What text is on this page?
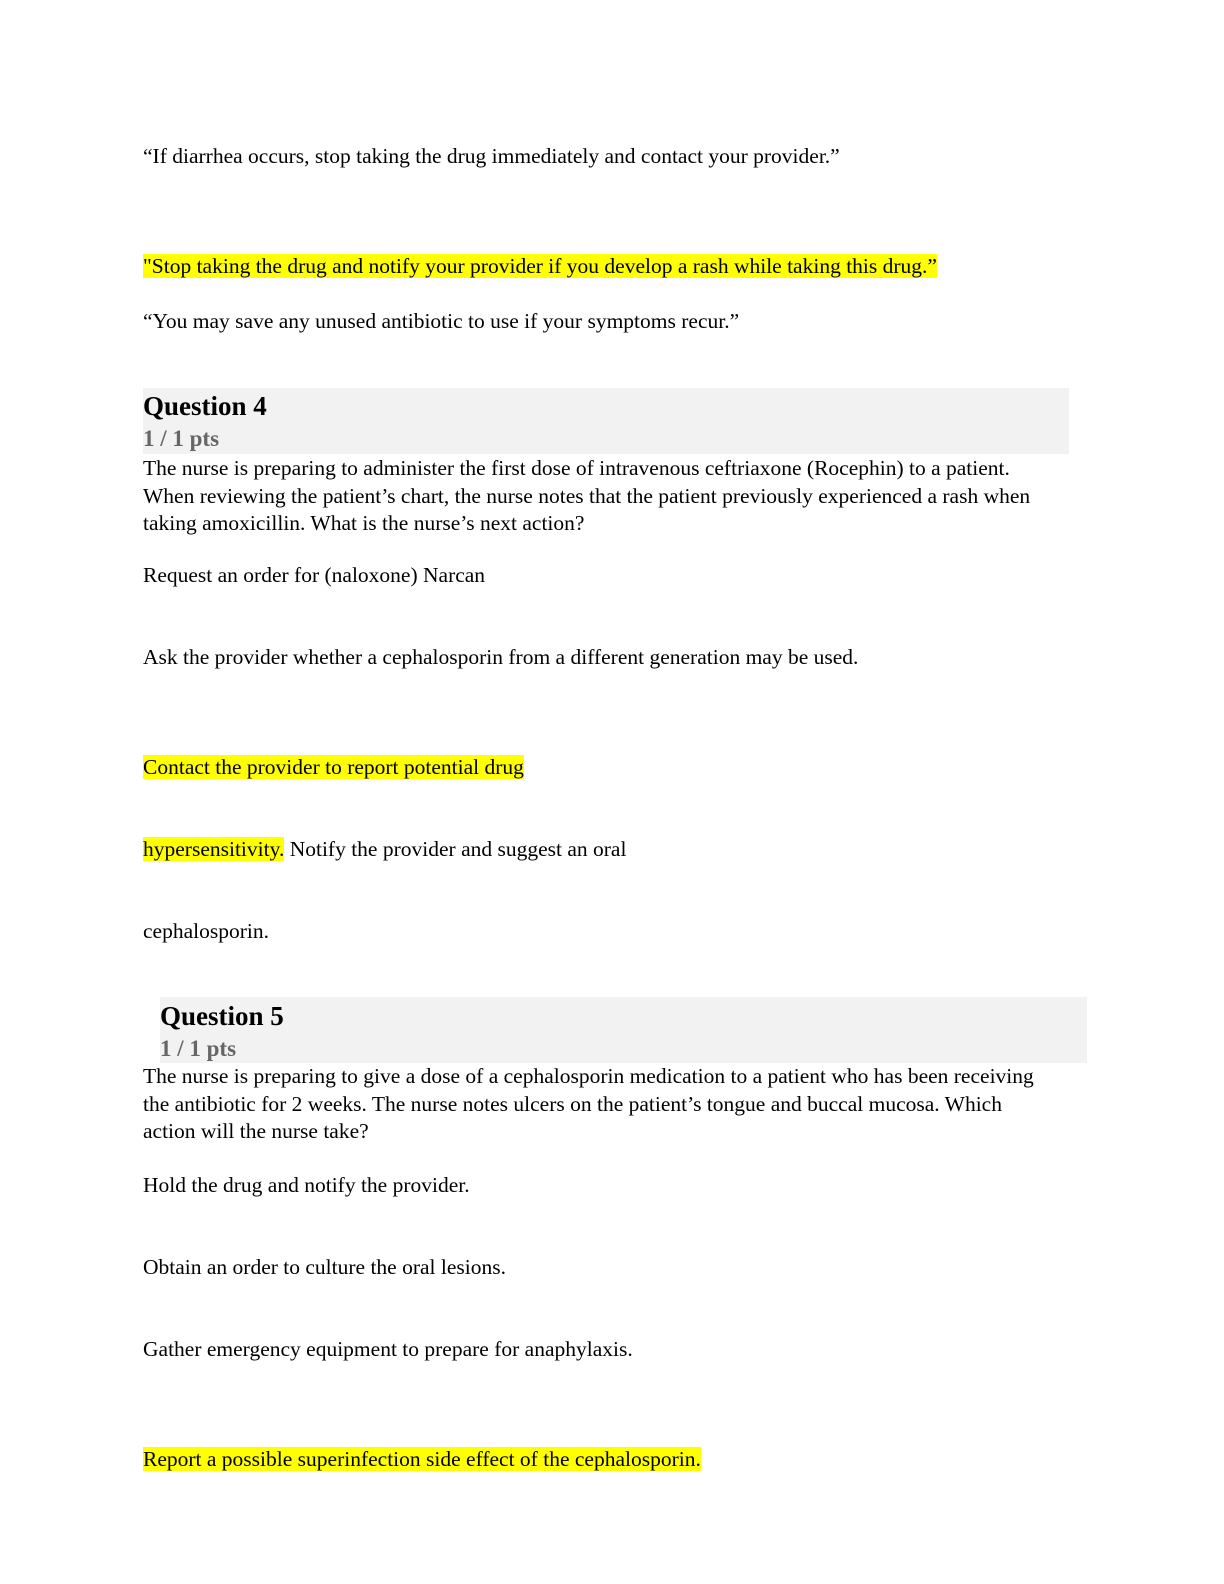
“If diarrhea occurs, stop taking the drug immediately and contact your provider.”
"Stop taking the drug and notify your provider if you develop a rash while taking this drug.”
“You may save any unused antibiotic to use if your symptoms recur.”
Question 4
1 / 1 pts
The nurse is preparing to administer the first dose of intravenous ceftriaxone (Rocephin) to a patient. When reviewing the patient’s chart, the nurse notes that the patient previously experienced a rash when taking amoxicillin. What is the nurse’s next action?
Request an order for (naloxone) Narcan
Ask the provider whether a cephalosporin from a different generation may be used.
Contact the provider to report potential drug
hypersensitivity. Notify the provider and suggest an oral
cephalosporin.
Question 5
1 / 1 pts
The nurse is preparing to give a dose of a cephalosporin medication to a patient who has been receiving the antibiotic for 2 weeks. The nurse notes ulcers on the patient’s tongue and buccal mucosa. Which action will the nurse take?
Hold the drug and notify the provider.
Obtain an order to culture the oral lesions.
Gather emergency equipment to prepare for anaphylaxis.
Report a possible superinfection side effect of the cephalosporin.
